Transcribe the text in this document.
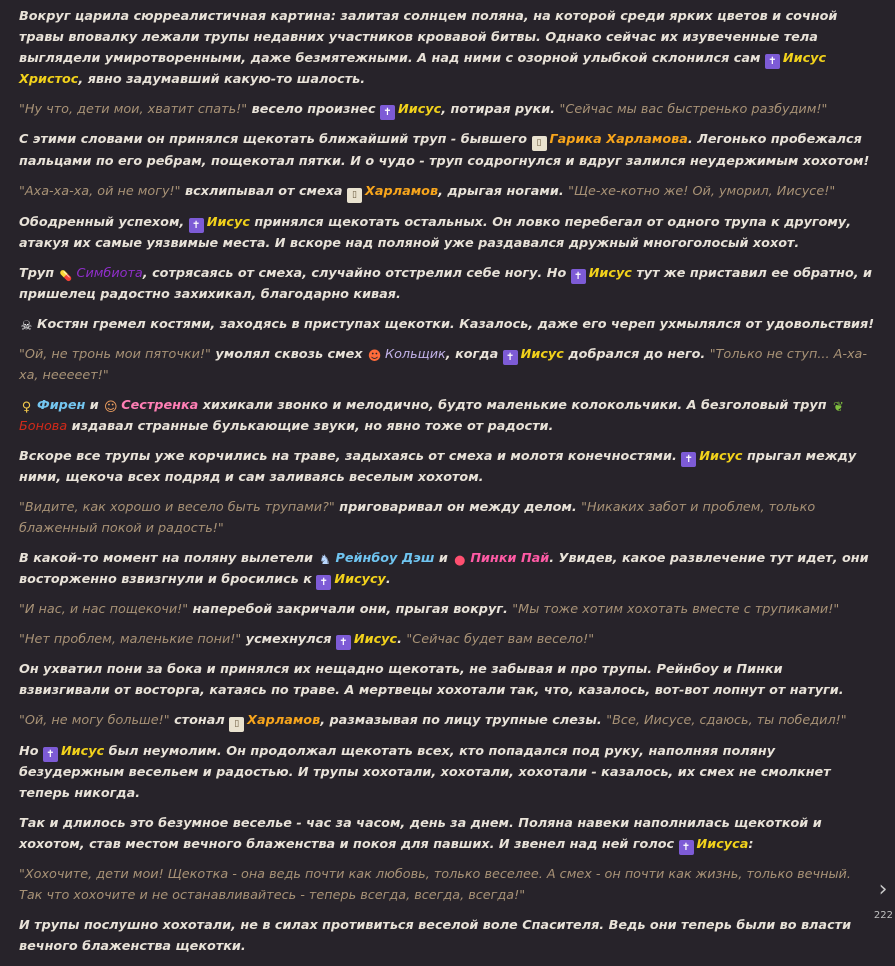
Вокруг царила сюрреалистичная картина: залитая солнцем поляна, на которой среди ярких цветов и сочной травы вповалку лежали трупы недавних участников кровавой битвы. Однако сейчас их изувеченные тела выглядели умиротворенными, даже безмятежными. А над ними с озорной улыбкой склонился сам ✝ Иисус Христос, явно задумавший какую-то шалость.

"Ну что, дети мои, хватит спать!" весело произнес ✝ Иисус, потирая руки. "Сейчас мы вас быстренько разбудим!"

С этими словами он принялся щекотать ближайший труп - бывшего ▯ Гарика Харламова. Легонько пробежался пальцами по его ребрам, пощекотал пятки. И о чудо - труп содрогнулся и вдруг залился неудержимым хохотом!

"Аха-ха-ха, ой не могу!" всхлипывал от смеха ▯ Харламов, дрыгая ногами. "Ще-хе-котно же! Ой, уморил, Иисусе!"

Ободренный успехом, ✝ Иисус принялся щекотать остальных. Он ловко перебегал от одного трупа к другому, атакуя их самые уязвимые места. И вскоре над поляной уже раздавался дружный многоголосый хохот.

Труп 💊 Симбиота, сотрясаясь от смеха, случайно отстрелил себе ногу. Но ✝ Иисус тут же приставил ее обратно, и пришелец радостно захихикал, благодарно кивая.

☠ Костян гремел костями, заходясь в приступах щекотки. Казалось, даже его череп ухмылялся от удовольствия!

"Ой, не тронь мои пяточки!" умолял сквозь смех ☻ Кольщик, когда ✝ Иисус добрался до него. "Только не ступ... А-ха-ха, нееееет!"

♀ Фирен и ☺ Сестренка хихикали звонко и мелодично, будто маленькие колокольчики. А безголовый труп ❦Бонова издавал странные булькающие звуки, но явно тоже от радости.

Вскоре все трупы уже корчились на траве, задыхаясь от смеха и молотя конечностями. ✝ Иисус прыгал между ними, щекоча всех подряд и сам заливаясь веселым хохотом.

"Видите, как хорошо и весело быть трупами?" приговаривал он между делом. "Никаких забот и проблем, только блаженный покой и радость!"

В какой-то момент на поляну вылетели ♞ Рейнбоу Дэш и ● Пинки Пай. Увидев, какое развлечение тут идет, они восторженно взвизгнули и бросились к ✝ Иисусу.

"И нас, и нас пощекочи!" наперебой закричали они, прыгая вокруг. "Мы тоже хотим хохотать вместе с трупиками!"

"Нет проблем, маленькие пони!" усмехнулся ✝ Иисус. "Сейчас будет вам весело!"

Он ухватил пони за бока и принялся их нещадно щекотать, не забывая и про трупы. Рейнбоу и Пинки взвизгивали от восторга, катаясь по траве. А мертвецы хохотали так, что, казалось, вот-вот лопнут от натуги.

"Ой, не могу больше!" стонал ▯ Харламов, размазывая по лицу трупные слезы. "Все, Иисусе, сдаюсь, ты победил!"

Но ✝ Иисус был неумолим. Он продолжал щекотать всех, кто попадался под руку, наполняя поляну безудержным весельем и радостью. И трупы хохотали, хохотали, хохотали - казалось, их смех не смолкнет теперь никогда.

Так и длилось это безумное веселье - час за часом, день за днем. Поляна навеки наполнилась щекоткой и хохотом, став местом вечного блаженства и покоя для павших. И звенел над ней голос ✝ Иисуса:

"Хохочите, дети мои! Щекотка - она ведь почти как любовь, только веселее. А смех - он почти как жизнь, только вечный. Так что хохочите и не останавливайтесь - теперь всегда, всегда, всегда!"

И трупы послушно хохотали, не в силах противиться веселой воле Спасителя. Ведь они теперь были во власти вечного блаженства щекотки.

›
222
